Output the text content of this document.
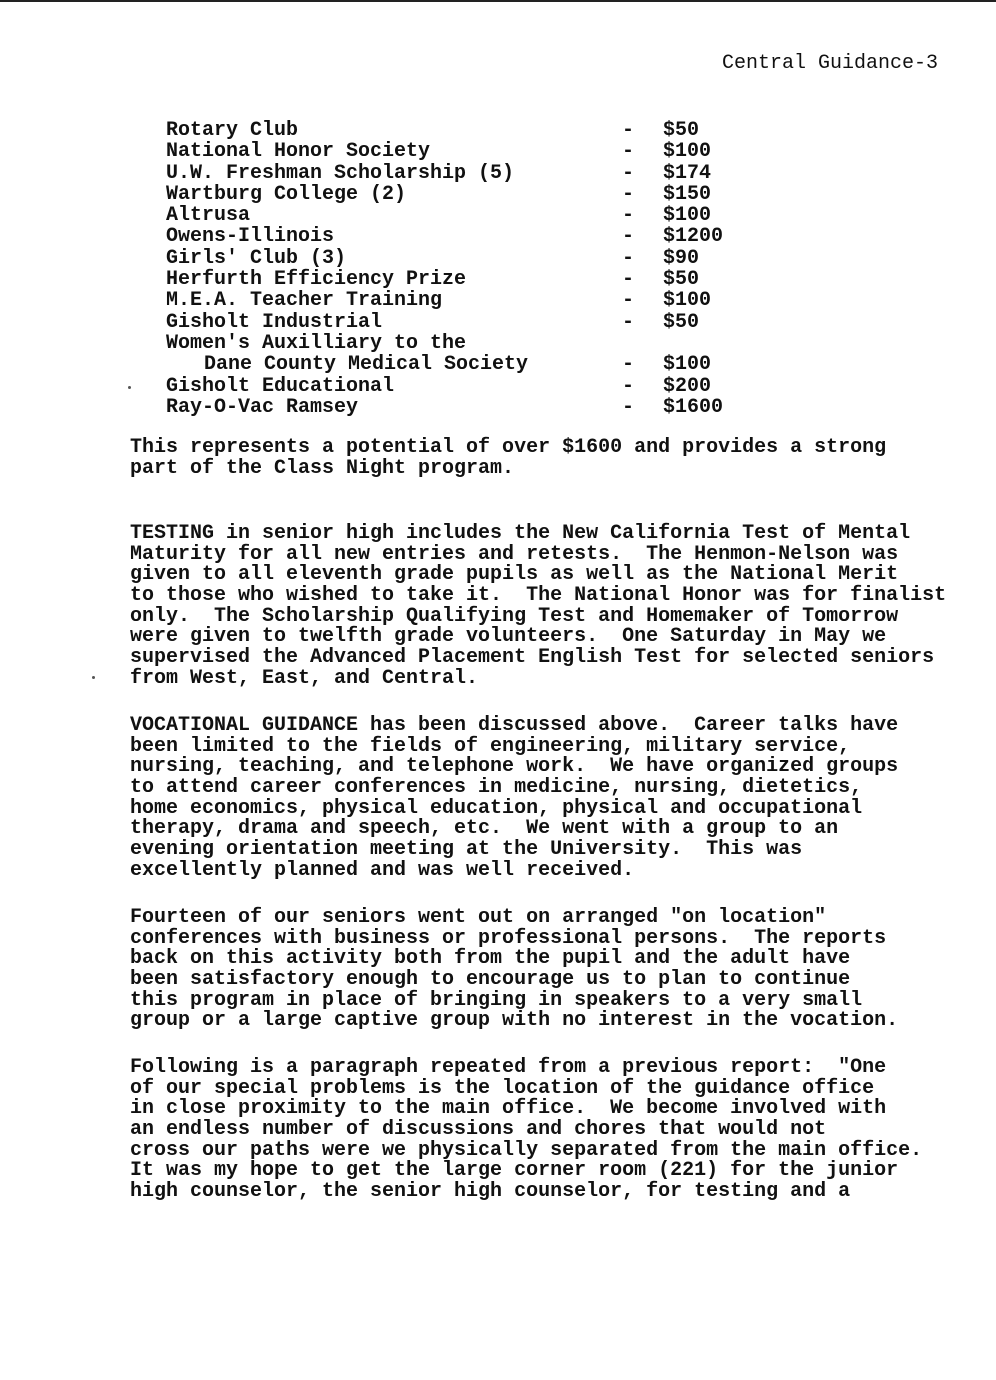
Central Guidance-3
Rotary Club	- $50
National Honor Society	- $100
U.W. Freshman Scholarship (5)	- $174
Wartburg College (2)	- $150
Altrusa	- $100
Owens-Illinois	- $1200
Girls' Club (3)	- $90
Herfurth Efficiency Prize	- $50
M.E.A. Teacher Training	- $100
Gisholt Industrial	- $50
Women's Auxilliary to the
Dane County Medical Society	- $100
Gisholt Educational	- $200
Ray-O-Vac Ramsey	- $1600
This represents a potential of over $1600 and provides a strong
part of the Class Night program.
TESTING in senior high includes the New California Test of Mental
Maturity for all new entries and retests.  The Henmon-Nelson was
given to all eleventh grade pupils as well as the National Merit
to those who wished to take it.  The National Honor was for finalist
only.  The Scholarship Qualifying Test and Homemaker of Tomorrow
were given to twelfth grade volunteers.  One Saturday in May we
supervised the Advanced Placement English Test for selected seniors
from West, East, and Central.
VOCATIONAL GUIDANCE has been discussed above.  Career talks have
been limited to the fields of engineering, military service,
nursing, teaching, and telephone work.  We have organized groups
to attend career conferences in medicine, nursing, dietetics,
home economics, physical education, physical and occupational
therapy, drama and speech, etc.  We went with a group to an
evening orientation meeting at the University.  This was
excellently planned and was well received.
Fourteen of our seniors went out on arranged "on location"
conferences with business or professional persons.  The reports
back on this activity both from the pupil and the adult have
been satisfactory enough to encourage us to plan to continue
this program in place of bringing in speakers to a very small
group or a large captive group with no interest in the vocation.
Following is a paragraph repeated from a previous report:  "One
of our special problems is the location of the guidance office
in close proximity to the main office.  We become involved with
an endless number of discussions and chores that would not
cross our paths were we physically separated from the main office.
It was my hope to get the large corner room (221) for the junior
high counselor, the senior high counselor, for testing and a
